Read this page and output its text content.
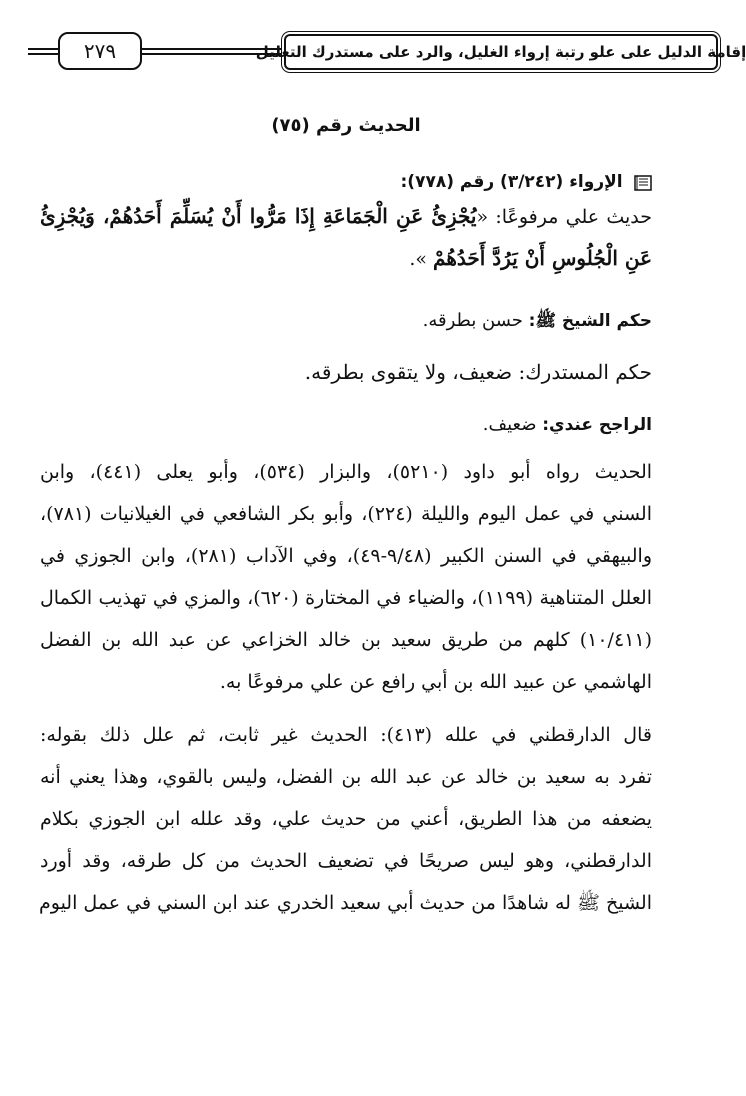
إقامة الدليل على علو رتبة إرواء الغليل، والرد على مستدرك التعليل
٢٧٩
الحديث رقم (٧٥)
الإرواء (٣/٢٤٢) رقم (٧٧٨):
حديث علي مرفوعًا: «يُجْزِئُ عَنِ الْجَمَاعَةِ إِذَا مَرُّوا أَنْ يُسَلِّمَ أَحَدُهُمْ، وَيُجْزِئُ
عَنِ الْجُلُوسِ أَنْ يَرُدَّ أَحَدُهُمْ ».
حكم الشيخ ﷺ: حسن بطرقه.
حكم المستدرك: ضعيف، ولا يتقوى بطرقه.
الراجح عندي: ضعيف.
الحديث رواه أبو داود (٥٢١٠)، والبزار (٥٣٤)، وأبو يعلى (٤٤١)، وابن
السني في عمل اليوم والليلة (٢٢٤)، وأبو بكر الشافعي في الغيلانيات (٧٨١)،
والبيهقي في السنن الكبير (٩/٤٨-٤٩)، وفي الآداب (٢٨١)، وابن الجوزي في
العلل المتناهية (١١٩٩)، والضياء في المختارة (٦٢٠)، والمزي في تهذيب الكمال
(١٠/٤١١) كلهم من طريق سعيد بن خالد الخزاعي عن عبد الله بن الفضل
الهاشمي عن عبيد الله بن أبي رافع عن علي مرفوعًا به.
قال الدارقطني في علله (٤١٣): الحديث غير ثابت، ثم علل ذلك بقوله:
تفرد به سعيد بن خالد عن عبد الله بن الفضل، وليس بالقوي، وهذا يعني أنه
يضعفه من هذا الطريق، أعني من حديث علي، وقد علله ابن الجوزي بكلام
الدارقطني، وهو ليس صريحًا في تضعيف الحديث من كل طرقه، وقد أورد
الشيخ ﷺ له شاهدًا من حديث أبي سعيد الخدري عند ابن السني في عمل اليوم
